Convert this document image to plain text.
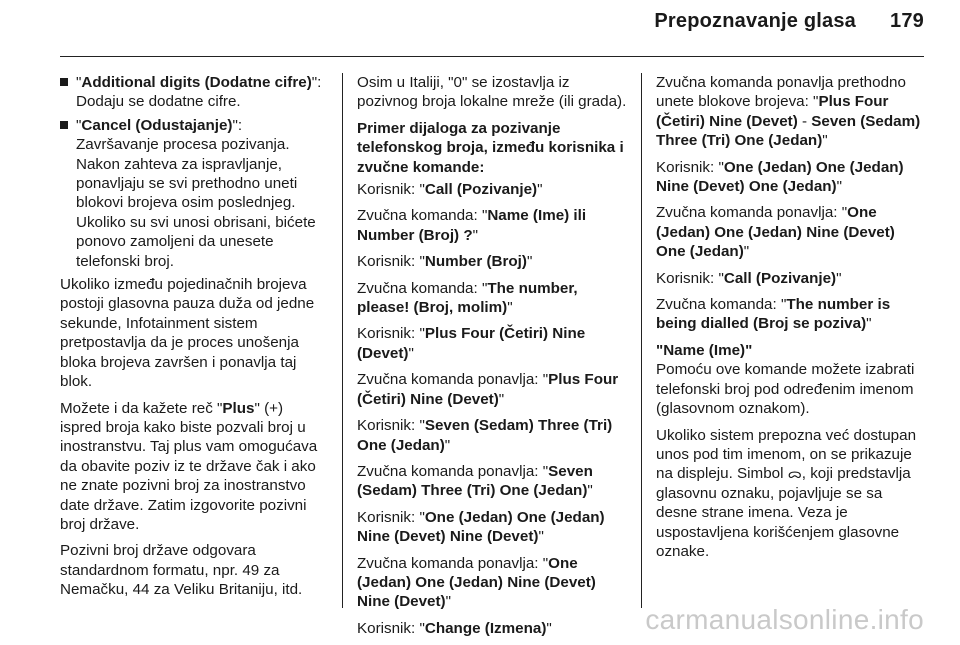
Prepoznavanje glasa 179
"Additional digits (Dodatne cifre)":
Dodaju se dodatne cifre.
"Cancel (Odustajanje)":
Završavanje procesa pozivanja. Nakon zahteva za ispravljanje, ponavljaju se svi prethodno uneti blokovi brojeva osim poslednjeg. Ukoliko su svi unosi obrisani, bićete ponovo zamoljeni da unesete telefonski broj.

Ukoliko između pojedinačnih brojeva postoji glasovna pauza duža od jedne sekunde, Infotainment sistem pretpostavlja da je proces unošenja bloka brojeva završen i ponavlja taj blok.

Možete i da kažete reč "Plus" (+) ispred broja kako biste pozvali broj u inostranstvu. Taj plus vam omogućava da obavite poziv iz te države čak i ako ne znate pozivni broj za inostranstvo date države. Zatim izgovorite pozivni broj države.

Pozivni broj države odgovara standardnom formatu, npr. 49 za Nemačku, 44 za Veliku Britaniju, itd.

Osim u Italiji, "0" se izostavlja iz pozivnog broja lokalne mreže (ili grada).

Primer dijaloga za pozivanje telefonskog broja, između korisnika i zvučne komande:

Korisnik: "Call (Pozivanje)"

Zvučna komanda: "Name (Ime) ili Number (Broj) ?"

Korisnik: "Number (Broj)"

Zvučna komanda: "The number, please! (Broj, molim)"

Korisnik: "Plus Four (Četiri) Nine (Devet)"

Zvučna komanda ponavlja: "Plus Four (Četiri) Nine (Devet)"

Korisnik: "Seven (Sedam) Three (Tri) One (Jedan)"

Zvučna komanda ponavlja: "Seven (Sedam) Three (Tri) One (Jedan)"

Korisnik: "One (Jedan) One (Jedan) Nine (Devet) Nine (Devet)"

Zvučna komanda ponavlja: "One (Jedan) One (Jedan) Nine (Devet) Nine (Devet)"

Korisnik: "Change (Izmena)"

Zvučna komanda ponavlja prethodno unete blokove brojeva: "Plus Four (Četiri) Nine (Devet) - Seven (Sedam) Three (Tri) One (Jedan)"

Korisnik: "One (Jedan) One (Jedan) Nine (Devet) One (Jedan)"

Zvučna komanda ponavlja: "One (Jedan) One (Jedan) Nine (Devet) One (Jedan)"

Korisnik: "Call (Pozivanje)"

Zvučna komanda: "The number is being dialled (Broj se poziva)"

"Name (Ime)"

Pomoću ove komande možete izabrati telefonski broj pod određenim imenom (glasovnom oznakom).

Ukoliko sistem prepozna već dostupan unos pod tim imenom, on se prikazuje na displeju. Simbol ᯅ, koji predstavlja glasovnu oznaku, pojavljuje se sa desne strane imena. Veza je uspostavljena korišćenjem glasovne oznake.

carmanualsonline.info
